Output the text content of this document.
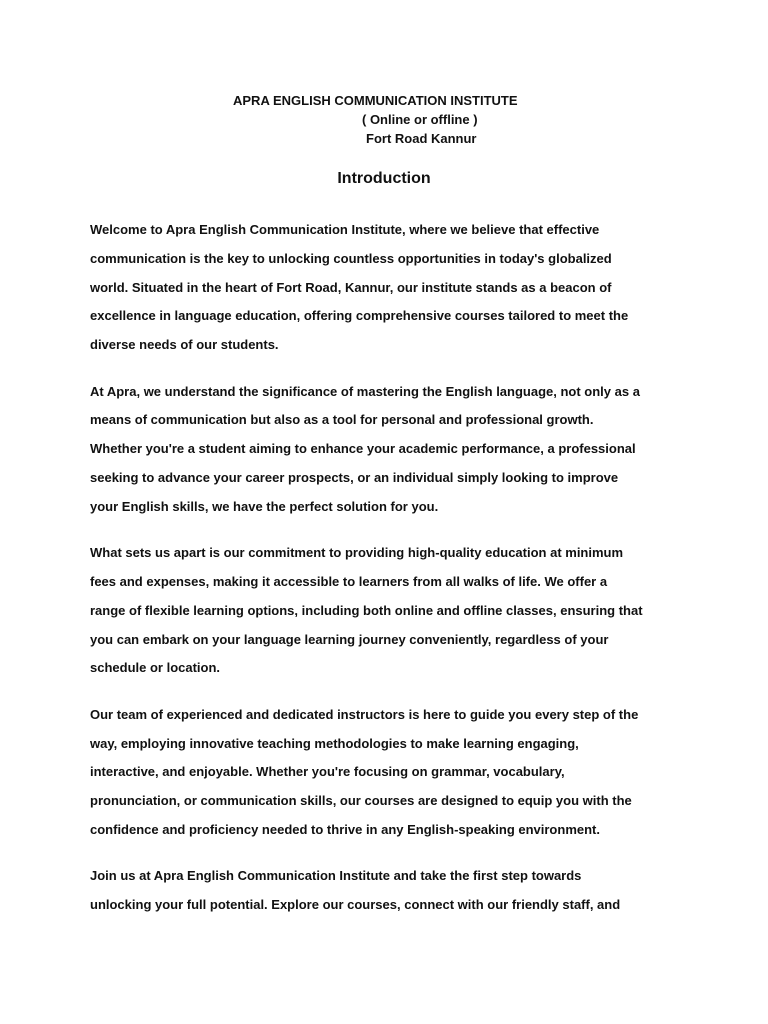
APRA ENGLISH COMMUNICATION INSTITUTE
( Online or offline )
Fort Road Kannur
Introduction

Welcome to Apra English Communication Institute, where we believe that effective
communication is the key to unlocking countless opportunities in today's globalized
world. Situated in the heart of Fort Road, Kannur, our institute stands as a beacon of
excellence in language education, offering comprehensive courses tailored to meet the
diverse needs of our students.

At Apra, we understand the significance of mastering the English language, not only as a
means of communication but also as a tool for personal and professional growth.
Whether you're a student aiming to enhance your academic performance, a professional
seeking to advance your career prospects, or an individual simply looking to improve
your English skills, we have the perfect solution for you.

What sets us apart is our commitment to providing high-quality education at minimum
fees and expenses, making it accessible to learners from all walks of life. We offer a
range of flexible learning options, including both online and offline classes, ensuring that
you can embark on your language learning journey conveniently, regardless of your
schedule or location.

Our team of experienced and dedicated instructors is here to guide you every step of the
way, employing innovative teaching methodologies to make learning engaging,
interactive, and enjoyable. Whether you're focusing on grammar, vocabulary,
pronunciation, or communication skills, our courses are designed to equip you with the
confidence and proficiency needed to thrive in any English-speaking environment.

Join us at Apra English Communication Institute and take the first step towards
unlocking your full potential. Explore our courses, connect with our friendly staff, and
